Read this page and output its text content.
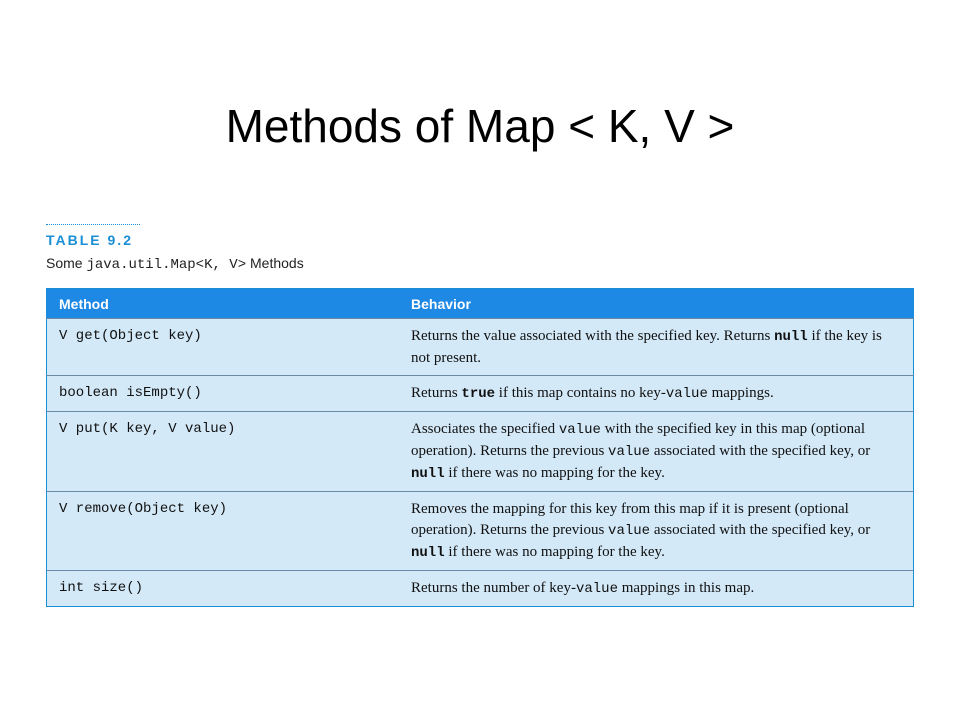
Methods of Map < K, V >
TABLE 9.2
Some java.util.Map<K, V> Methods
Method	Behavior
V get(Object key)	Returns the value associated with the specified key. Returns null if the key is not present.
boolean isEmpty()	Returns true if this map contains no key-value mappings.
V put(K key, V value)	Associates the specified value with the specified key in this map (optional operation). Returns the previous value associated with the specified key, or null if there was no mapping for the key.
V remove(Object key)	Removes the mapping for this key from this map if it is present (optional operation). Returns the previous value associated with the specified key, or null if there was no mapping for the key.
int size()	Returns the number of key-value mappings in this map.
